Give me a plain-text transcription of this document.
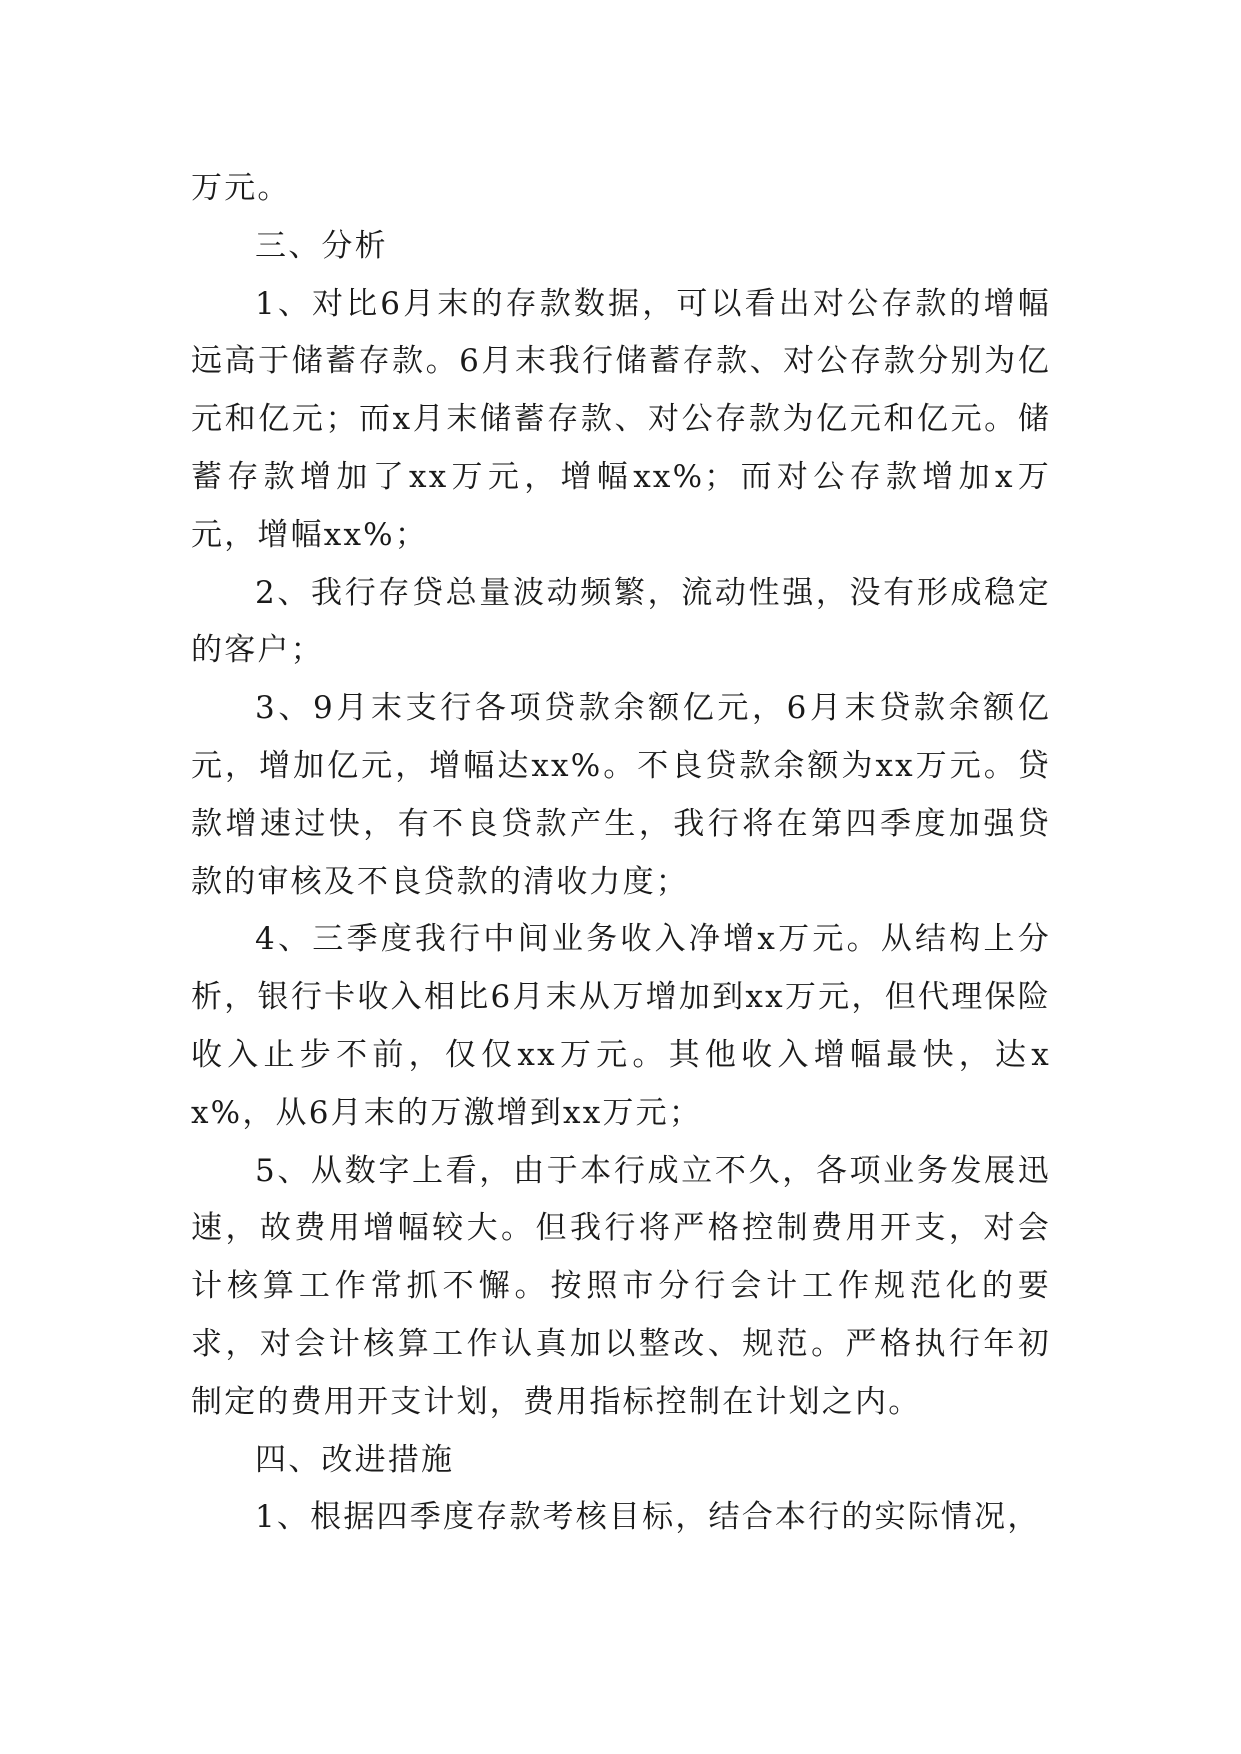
万元。

三、分析

1、对比6月末的存款数据，可以看出对公存款的增幅远高于储蓄存款。6月末我行储蓄存款、对公存款分别为亿元和亿元；而x月末储蓄存款、对公存款为亿元和亿元。储蓄存款增加了xx万元，增幅xx%；而对公存款增加x万元，增幅xx%；

2、我行存贷总量波动频繁，流动性强，没有形成稳定的客户；

3、9月末支行各项贷款余额亿元，6月末贷款余额亿元，增加亿元，增幅达xx%。不良贷款余额为xx万元。贷款增速过快，有不良贷款产生，我行将在第四季度加强贷款的审核及不良贷款的清收力度；

4、三季度我行中间业务收入净增x万元。从结构上分析，银行卡收入相比6月末从万增加到xx万元，但代理保险收入止步不前，仅仅xx万元。其他收入增幅最快，达xx%，从6月末的万激增到xx万元；

5、从数字上看，由于本行成立不久，各项业务发展迅速，故费用增幅较大。但我行将严格控制费用开支，对会计核算工作常抓不懈。按照市分行会计工作规范化的要求，对会计核算工作认真加以整改、规范。严格执行年初制定的费用开支计划，费用指标控制在计划之内。

四、改进措施

1、根据四季度存款考核目标，结合本行的实际情况，
